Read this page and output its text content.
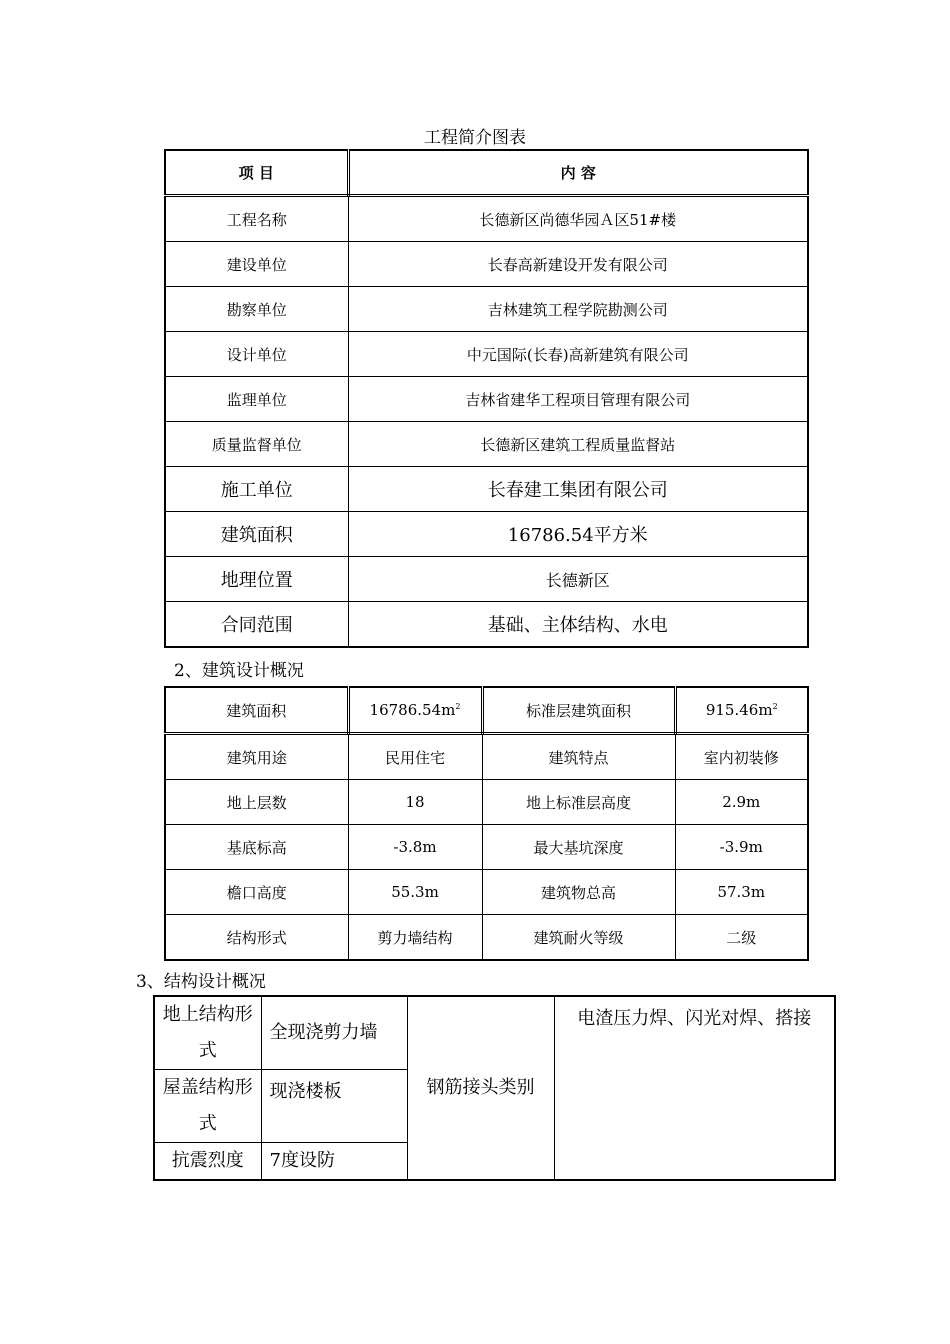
工程简介图表
项 目	内 容
工程名称	长德新区尚德华园Ａ区51#楼
建设单位	长春高新建设开发有限公司
勘察单位	吉林建筑工程学院勘测公司
设计单位	中元国际(长春)高新建筑有限公司
监理单位	吉林省建华工程项目管理有限公司
质量监督单位	长德新区建筑工程质量监督站
施工单位	长春建工集团有限公司
建筑面积	16786.54平方米
地理位置	长德新区
合同范围	基础、主体结构、水电
2、建筑设计概况
建筑面积	$16786.54m^2$	标准层建筑面积	$915.46m^2$
建筑用途	民用住宅	建筑特点	室内初装修
地上层数	18	地上标准层高度	2.9m
基底标高	-3.8m	最大基坑深度	-3.9m
檐口高度	55.3m	建筑物总高	57.3m
结构形式	剪力墙结构	建筑耐火等级	二级
3、结构设计概况
地上结构形式	全现浇剪力墙	钢筋接头类别	电渣压力焊、闪光对焊、搭接
屋盖结构形式	现浇楼板		
抗震烈度	7度设防		
